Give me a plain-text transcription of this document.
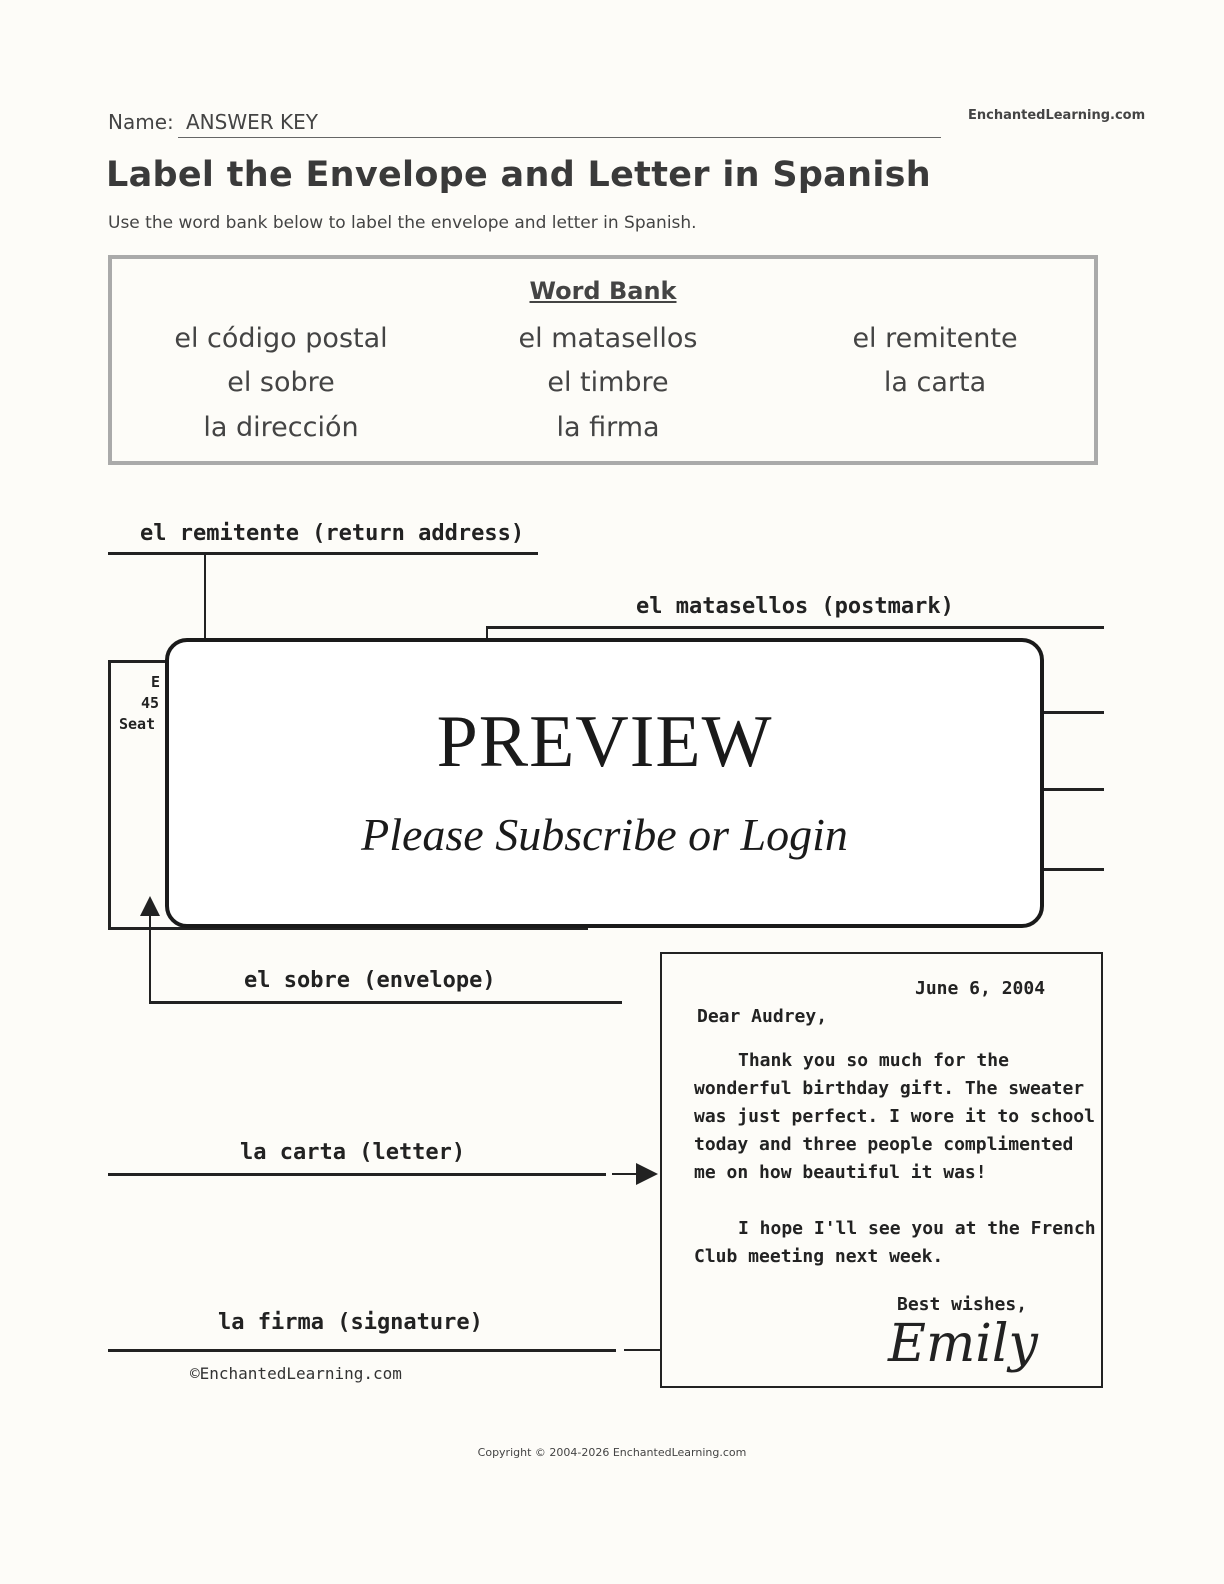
Name: ANSWER KEY	EnchantedLearning.com
Label the Envelope and Letter in Spanish
Use the word bank below to label the envelope and letter in Spanish.
Word Bank
el código postal	el matasellos	el remitente
el sobre	el timbre	la carta
la dirección	la firma
el remitente (return address)
el matasellos (postmark)
E
45
Seat
el sobre (envelope)
la carta (letter)
la firma (signature)
©EnchantedLearning.com
June 6, 2004
Dear Audrey,
Thank you so much for the
wonderful birthday gift. The sweater
was just perfect. I wore it to school
today and three people complimented
me on how beautiful it was!
I hope I'll see you at the French
Club meeting next week.
Best wishes,
Emily
PREVIEW
Please Subscribe or Login
Copyright © 2004-2026 EnchantedLearning.com
